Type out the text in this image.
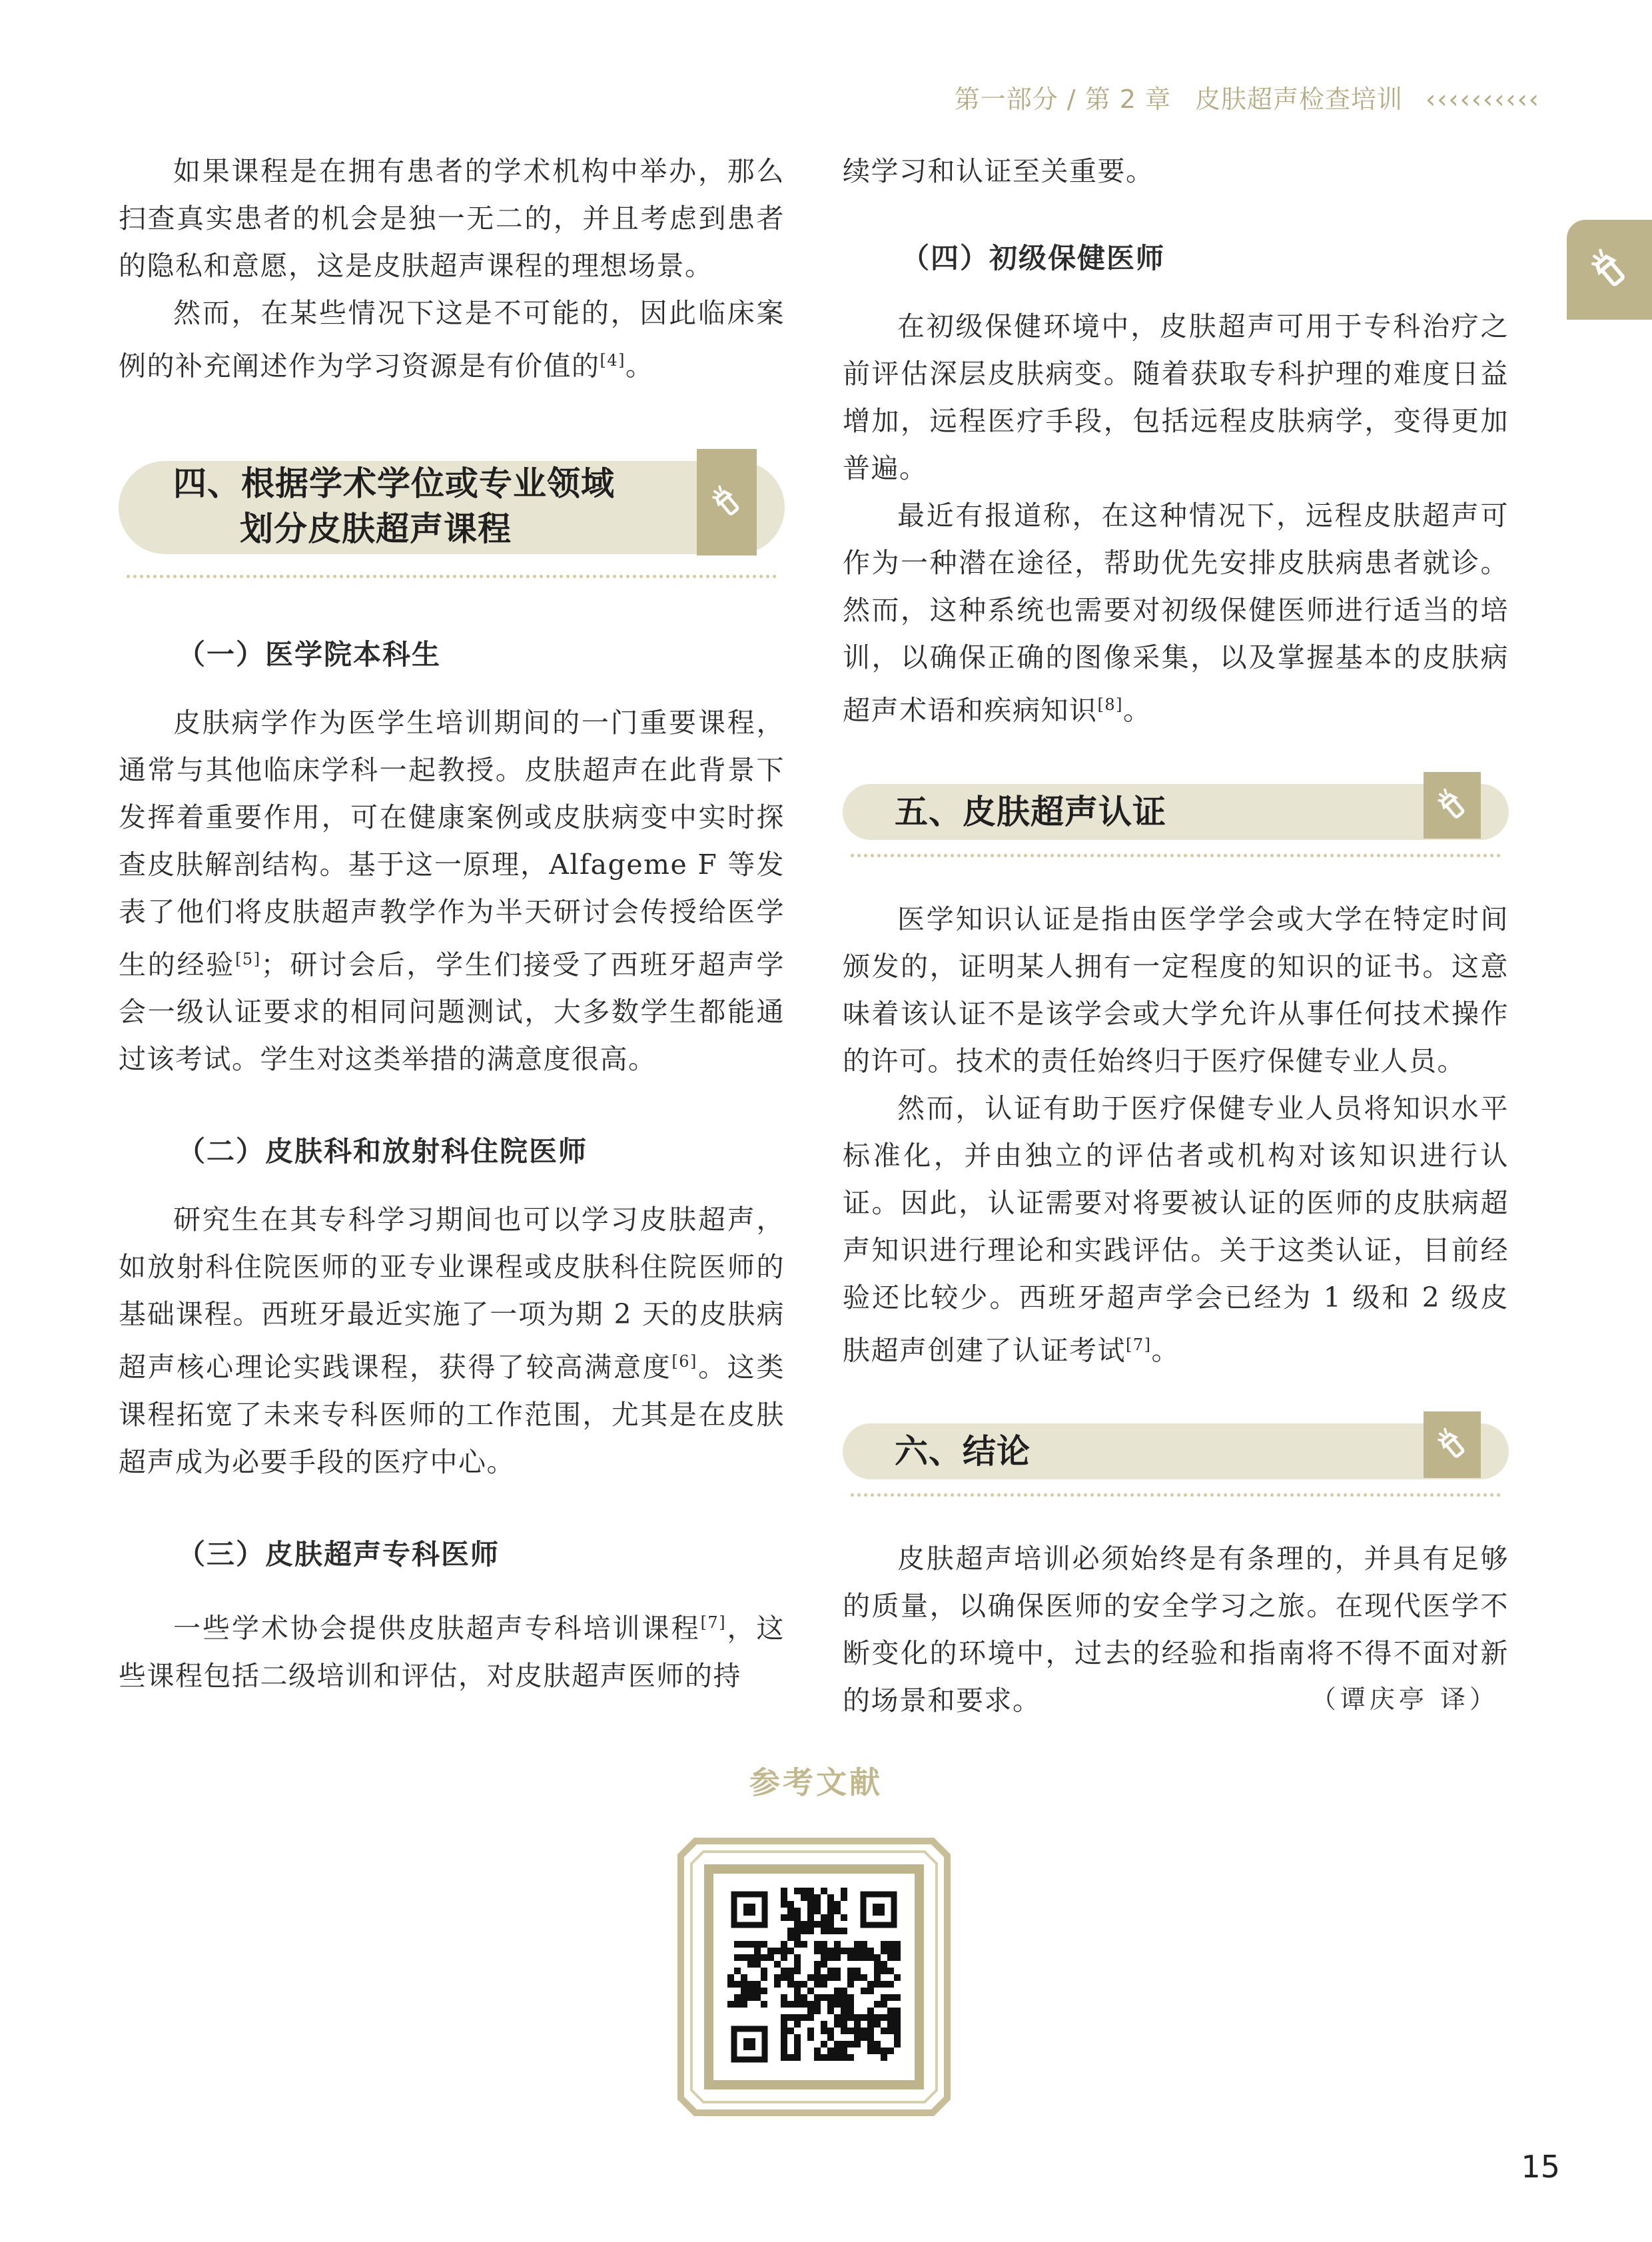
第一部分 / 第 2 章 皮肤超声检查培训 ‹‹‹‹‹‹‹‹‹‹

如果课程是在拥有患者的学术机构中举办，那么扫查真实患者的机会是独一无二的，并且考虑到患者的隐私和意愿，这是皮肤超声课程的理想场景。

然而，在某些情况下这是不可能的，因此临床案例的补充阐述作为学习资源是有价值的[4]。

四、根据学术学位或专业领域
划分皮肤超声课程
（一）医学院本科生

皮肤病学作为医学生培训期间的一门重要课程，通常与其他临床学科一起教授。皮肤超声在此背景下发挥着重要作用，可在健康案例或皮肤病变中实时探查皮肤解剖结构。基于这一原理，Alfageme F 等发表了他们将皮肤超声教学作为半天研讨会传授给医学生的经验[5]；研讨会后，学生们接受了西班牙超声学会一级认证要求的相同问题测试，大多数学生都能通过该考试。学生对这类举措的满意度很高。

（二）皮肤科和放射科住院医师

研究生在其专科学习期间也可以学习皮肤超声，如放射科住院医师的亚专业课程或皮肤科住院医师的基础课程。西班牙最近实施了一项为期 2 天的皮肤病超声核心理论实践课程，获得了较高满意度[6]。这类课程拓宽了未来专科医师的工作范围，尤其是在皮肤超声成为必要手段的医疗中心。

（三）皮肤超声专科医师

一些学术协会提供皮肤超声专科培训课程[7]，这些课程包括二级培训和评估，对皮肤超声医师的持

续学习和认证至关重要。

（四）初级保健医师

在初级保健环境中，皮肤超声可用于专科治疗之前评估深层皮肤病变。随着获取专科护理的难度日益增加，远程医疗手段，包括远程皮肤病学，变得更加普遍。

最近有报道称，在这种情况下，远程皮肤超声可作为一种潜在途径，帮助优先安排皮肤病患者就诊。然而，这种系统也需要对初级保健医师进行适当的培训，以确保正确的图像采集，以及掌握基本的皮肤病超声术语和疾病知识[8]。

五、皮肤超声认证

医学知识认证是指由医学学会或大学在特定时间颁发的，证明某人拥有一定程度的知识的证书。这意味着该认证不是该学会或大学允许从事任何技术操作的许可。技术的责任始终归于医疗保健专业人员。

然而，认证有助于医疗保健专业人员将知识水平标准化，并由独立的评估者或机构对该知识进行认证。因此，认证需要对将要被认证的医师的皮肤病超声知识进行理论和实践评估。关于这类认证，目前经验还比较少。西班牙超声学会已经为 1 级和 2 级皮肤超声创建了认证考试[7]。

六、结论

皮肤超声培训必须始终是有条理的，并具有足够的质量，以确保医师的安全学习之旅。在现代医学不断变化的环境中，过去的经验和指南将不得不面对新的场景和要求。	（谭庆亭 译）
参考文献
15
